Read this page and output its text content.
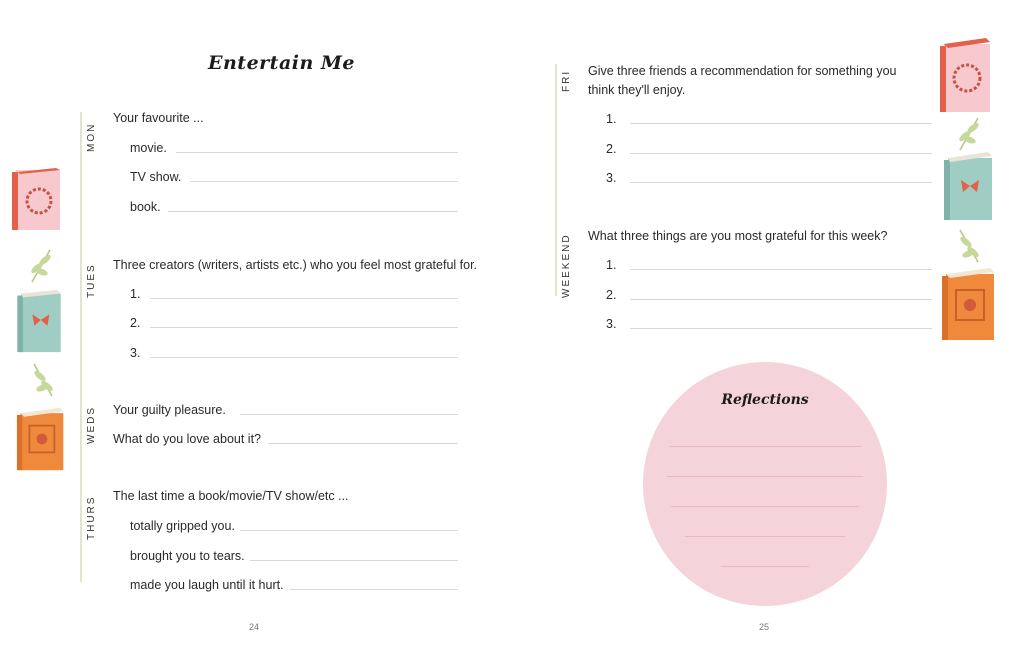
Entertain Me
MON
Your favourite ...
movie.
TV show.
book.
TUES	Three creators (writers, artists etc.) who you feel most grateful for.
1.
2.
3.
WEDS	Your guilty pleasure.
What do you love about it?
THURS	The last time a book/movie/TV show/etc ...
totally gripped you.
brought you to tears.
made you laugh until it hurt.
24
FRI	Give three friends a recommendation for something you
think they'll enjoy.
1.
2.
3.
WEEKEND	What three things are you most grateful for this week?
1.
2.
3.
Reflections
25
